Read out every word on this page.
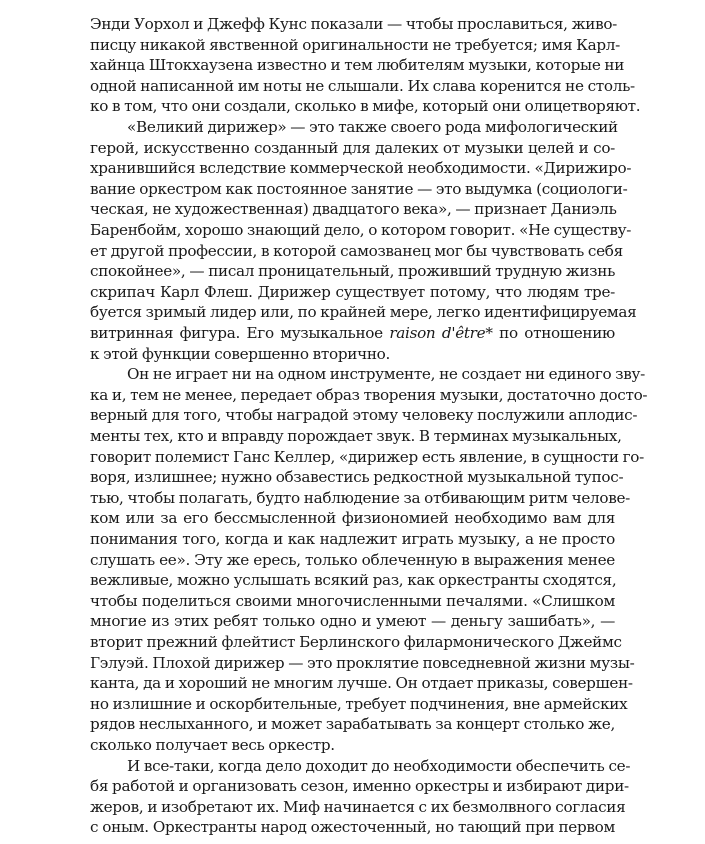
Энди Уорхол и Джефф Кунс показали — чтобы прославиться, живо-
писцу никакой явственной оригинальности не требуется; имя Карл-
хайнца Штокхаузена известно и тем любителям музыки, которые ни
одной написанной им ноты не слышали. Их слава коренится не столь-
ко в том, что они создали, сколько в мифе, который они олицетворяют.
«Великий дирижер» — это также своего рода мифологический
герой, искусственно созданный для далеких от музыки целей и со-
хранившийся вследствие коммерческой необходимости. «Дирижиро-
вание оркестром как постоянное занятие — это выдумка (социологи-
ческая, не художественная) двадцатого века», — признает Даниэль
Баренбойм, хорошо знающий дело, о котором говорит. «Не существу-
ет другой профессии, в которой самозванец мог бы чувствовать себя
спокойнее», — писал проницательный, проживший трудную жизнь
скрипач Карл Флеш. Дирижер существует потому, что людям тре-
буется зримый лидер или, по крайней мере, легко идентифицируемая
витринная фигура. Его музыкальное raison d'être* по отношению
к этой функции совершенно вторично.
Он не играет ни на одном инструменте, не создает ни единого зву-
ка и, тем не менее, передает образ творения музыки, достаточно досто-
верный для того, чтобы наградой этому человеку послужили аплодис-
менты тех, кто и вправду порождает звук. В терминах музыкальных,
говорит полемист Ганс Келлер, «дирижер есть явление, в сущности го-
воря, излишнее; нужно обзавестись редкостной музыкальной тупос-
тью, чтобы полагать, будто наблюдение за отбивающим ритм челове-
ком или за его бессмысленной физиономией необходимо вам для
понимания того, когда и как надлежит играть музыку, а не просто
слушать ее». Эту же ересь, только облеченную в выражения менее
вежливые, можно услышать всякий раз, как оркестранты сходятся,
чтобы поделиться своими многочисленными печалями. «Слишком
многие из этих ребят только одно и умеют — деньгу зашибать», —
вторит прежний флейтист Берлинского филармонического Джеймс
Гэлуэй. Плохой дирижер — это проклятие повседневной жизни музы-
канта, да и хороший не многим лучше. Он отдает приказы, совершен-
но излишние и оскорбительные, требует подчинения, вне армейских
рядов неслыханного, и может зарабатывать за концерт столько же,
сколько получает весь оркестр.
И все-таки, когда дело доходит до необходимости обеспечить се-
бя работой и организовать сезон, именно оркестры и избирают дири-
жеров, и изобретают их. Миф начинается с их безмолвного согласия
с оным. Оркестранты народ ожесточенный, но тающий при первом
